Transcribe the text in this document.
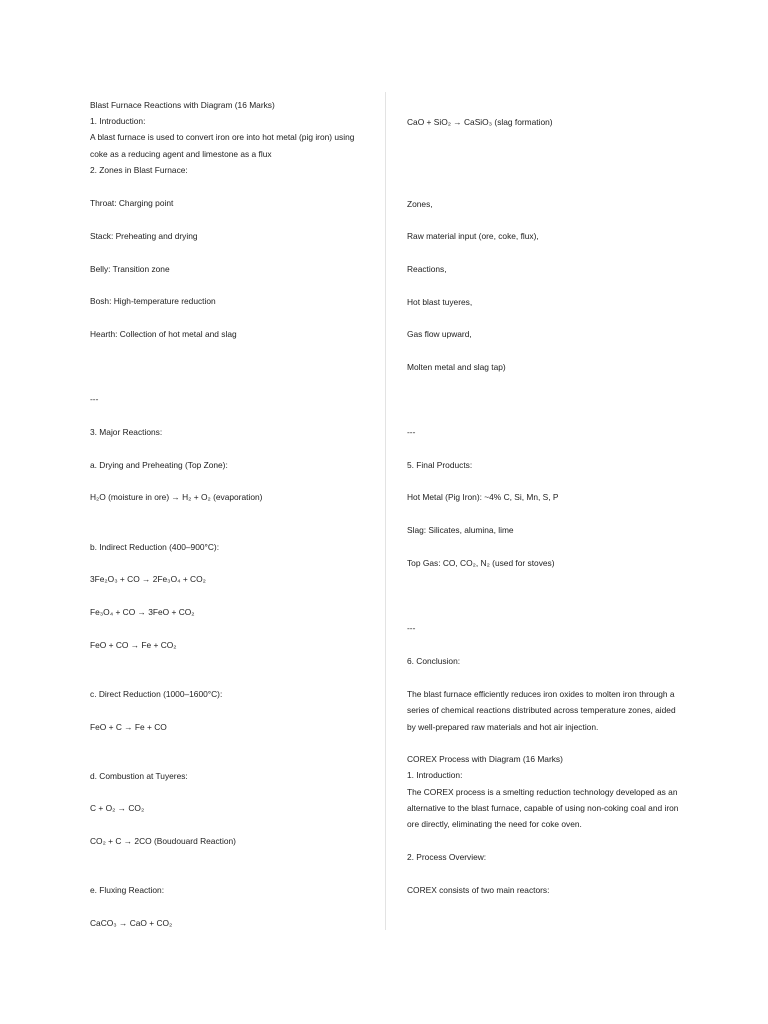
Blast Furnace Reactions with Diagram (16 Marks)
1. Introduction:
A blast furnace is used to convert iron ore into hot metal (pig iron) using
coke as a reducing agent and limestone as a flux
2. Zones in Blast Furnace:
Throat: Charging point
Stack: Preheating and drying
Belly: Transition zone
Bosh: High-temperature reduction
Hearth: Collection of hot metal and slag
---
3. Major Reactions:
a. Drying and Preheating (Top Zone):
H₂O (moisture in ore) → H₂ + O₂ (evaporation)
b. Indirect Reduction (400–900°C):
3Fe₂O₃ + CO → 2Fe₃O₄ + CO₂
Fe₃O₄ + CO → 3FeO + CO₂
FeO + CO → Fe + CO₂
c. Direct Reduction (1000–1600°C):
FeO + C → Fe + CO
d. Combustion at Tuyeres:
C + O₂ → CO₂
CO₂ + C → 2CO (Boudouard Reaction)
e. Fluxing Reaction:
CaCO₃ → CaO + CO₂
CaO + SiO₂ → CaSiO₃ (slag formation)
Zones,
Raw material input (ore, coke, flux),
Reactions,
Hot blast tuyeres,
Gas flow upward,
Molten metal and slag tap)
---
5. Final Products:
Hot Metal (Pig Iron): ~4% C, Si, Mn, S, P
Slag: Silicates, alumina, lime
Top Gas: CO, CO₂, N₂ (used for stoves)
---
6. Conclusion:
The blast furnace efficiently reduces iron oxides to molten iron through a
series of chemical reactions distributed across temperature zones, aided
by well-prepared raw materials and hot air injection.
COREX Process with Diagram (16 Marks)
1. Introduction:
The COREX process is a smelting reduction technology developed as an
alternative to the blast furnace, capable of using non-coking coal and iron
ore directly, eliminating the need for coke oven.
2. Process Overview:
COREX consists of two main reactors:
